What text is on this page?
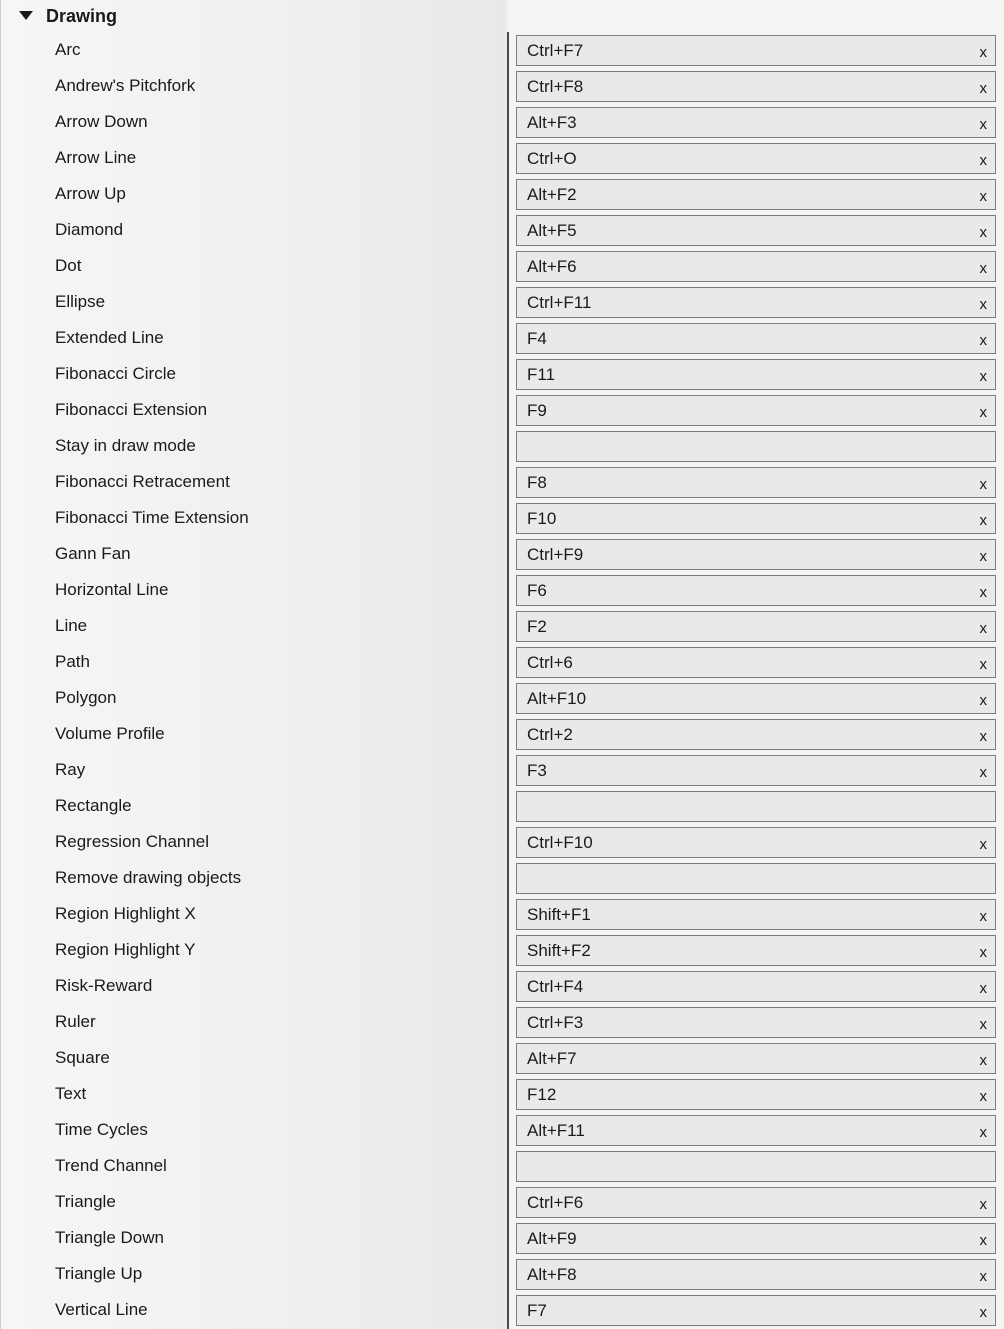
Drawing
Arc	Ctrl+F7	x
Andrew's Pitchfork	Ctrl+F8	x
Arrow Down	Alt+F3	x
Arrow Line	Ctrl+O	x
Arrow Up	Alt+F2	x
Diamond	Alt+F5	x
Dot	Alt+F6	x
Ellipse	Ctrl+F11	x
Extended Line	F4	x
Fibonacci Circle	F11	x
Fibonacci Extension	F9	x
Stay in draw mode
Fibonacci Retracement	F8	x
Fibonacci Time Extension	F10	x
Gann Fan	Ctrl+F9	x
Horizontal Line	F6	x
Line	F2	x
Path	Ctrl+6	x
Polygon	Alt+F10	x
Volume Profile	Ctrl+2	x
Ray	F3	x
Rectangle
Regression Channel	Ctrl+F10	x
Remove drawing objects
Region Highlight X	Shift+F1	x
Region Highlight Y	Shift+F2	x
Risk-Reward	Ctrl+F4	x
Ruler	Ctrl+F3	x
Square	Alt+F7	x
Text	F12	x
Time Cycles	Alt+F11	x
Trend Channel
Triangle	Ctrl+F6	x
Triangle Down	Alt+F9	x
Triangle Up	Alt+F8	x
Vertical Line	F7	x
